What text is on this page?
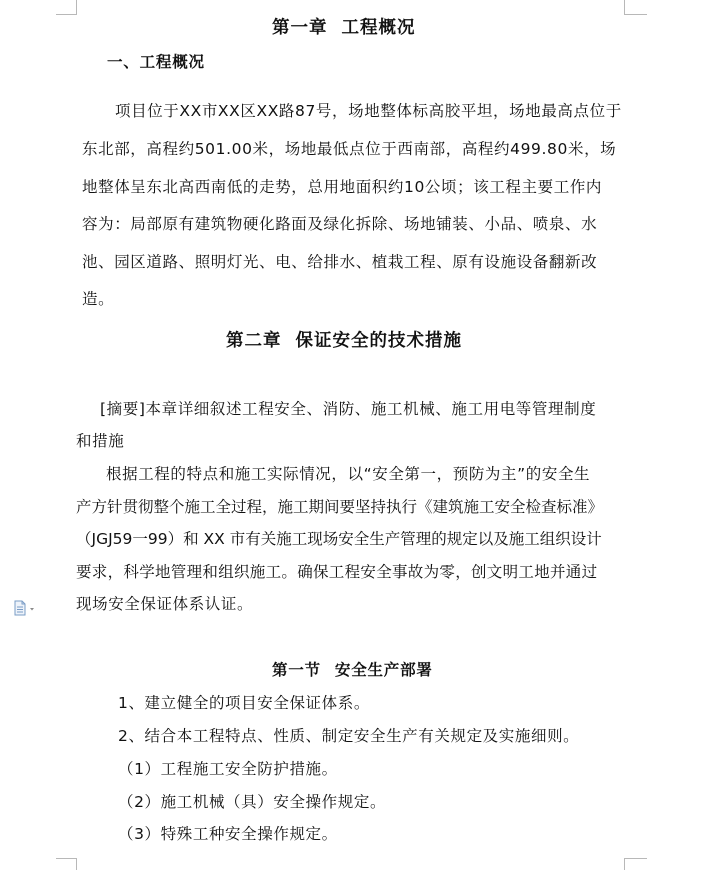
第一章 工程概况
一、工程概况
项目位于XX市XX区XX路87号，场地整体标高胶平坦，场地最高点位于
东北部，高程约501.00米，场地最低点位于西南部，高程约499.80米，场
地整体呈东北高西南低的走势，总用地面积约10公顷；该工程主要工作内
容为：局部原有建筑物硬化路面及绿化拆除、场地铺装、小品、喷泉、水
池、园区道路、照明灯光、电、给排水、植栽工程、原有设施设备翻新改
造。
第二章 保证安全的技术措施
[摘要]本章详细叙述工程安全、消防、施工机械、施工用电等管理制度
和措施
根据工程的特点和施工实际情况，以“安全第一，预防为主”的安全生
产方针贯彻整个施工全过程，施工期间要坚持执行《建筑施工安全检查标准》
（JGJ59一99）和 XX 市有关施工现场安全生产管理的规定以及施工组织设计
要求，科学地管理和组织施工。确保工程安全事故为零，创文明工地并通过
现场安全保证体系认证。
第一节 安全生产部署
1、建立健全的项目安全保证体系。
2、结合本工程特点、性质、制定安全生产有关规定及实施细则。
（1）工程施工安全防护措施。
（2）施工机械（具）安全操作规定。
（3）特殊工种安全操作规定。
